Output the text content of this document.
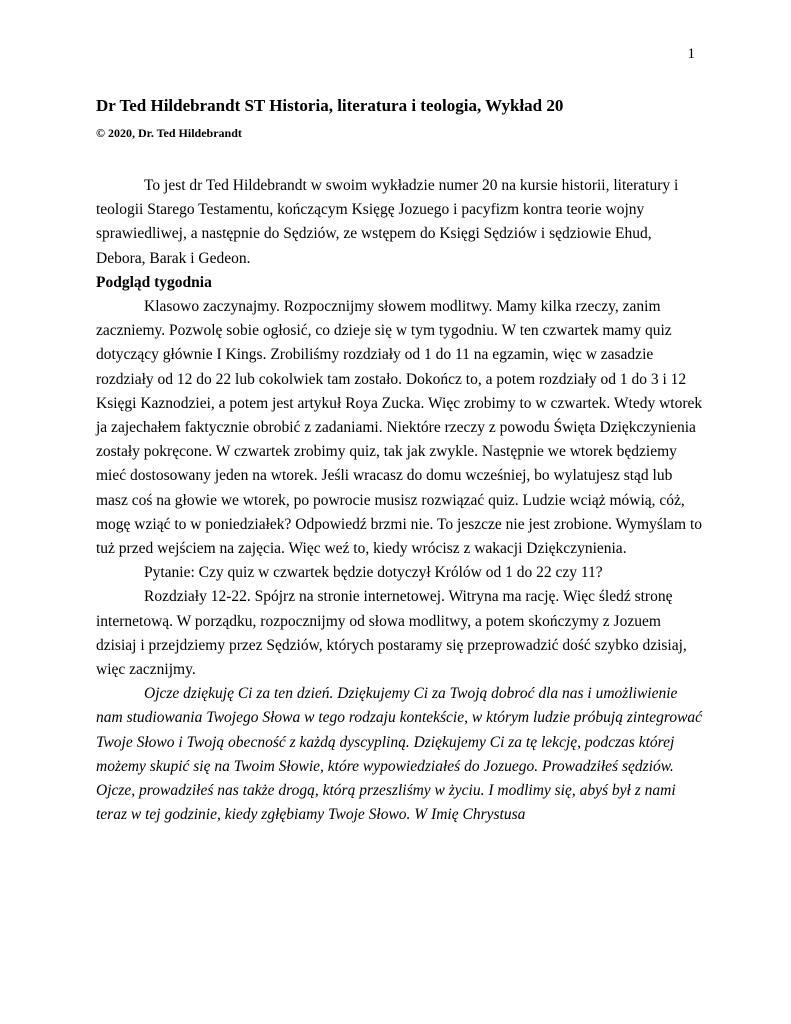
1
Dr Ted Hildebrandt ST Historia, literatura i teologia, Wykład 20
© 2020, Dr. Ted Hildebrandt

To jest dr Ted Hildebrandt w swoim wykładzie numer 20 na kursie historii, literatury i teologii Starego Testamentu, kończącym Księgę Jozuego i pacyfizm kontra teorie wojny sprawiedliwej, a następnie do Sędziów, ze wstępem do Księgi Sędziów i sędziowie Ehud, Debora, Barak i Gedeon.

Podgląd tygodnia

Klasowo zaczynajmy. Rozpocznijmy słowem modlitwy. Mamy kilka rzeczy, zanim zaczniemy. Pozwolę sobie ogłosić, co dzieje się w tym tygodniu. W ten czwartek mamy quiz dotyczący głównie I Kings. Zrobiliśmy rozdziały od 1 do 11 na egzamin, więc w zasadzie rozdziały od 12 do 22 lub cokolwiek tam zostało. Dokończ to, a potem rozdziały od 1 do 3 i 12 Księgi Kaznodziei, a potem jest artykuł Roya Zucka. Więc zrobimy to w czwartek. Wtedy wtorek ja zajechałem faktycznie obrobić z zadaniami. Niektóre rzeczy z powodu Święta Dziękczynienia zostały pokręcone. W czwartek zrobimy quiz, tak jak zwykle. Następnie we wtorek będziemy mieć dostosowany jeden na wtorek. Jeśli wracasz do domu wcześniej, bo wylatujesz stąd lub masz coś na głowie we wtorek, po powrocie musisz rozwiązać quiz. Ludzie wciąż mówią, cóż, mogę wziąć to w poniedziałek? Odpowiedź brzmi nie. To jeszcze nie jest zrobione. Wymyślam to tuż przed wejściem na zajęcia. Więc weź to, kiedy wrócisz z wakacji Dziękczynienia.

Pytanie: Czy quiz w czwartek będzie dotyczył Królów od 1 do 22 czy 11?

Rozdziały 12-22. Spójrz na stronie internetowej. Witryna ma rację. Więc śledź stronę internetową. W porządku, rozpocznijmy od słowa modlitwy, a potem skończymy z Jozuem dzisiaj i przejdziemy przez Sędziów, których postaramy się przeprowadzić dość szybko dzisiaj, więc zacznijmy.

Ojcze dziękuję Ci za ten dzień. Dziękujemy Ci za Twoją dobroć dla nas i umożliwienie nam studiowania Twojego Słowa w tego rodzaju kontekście, w którym ludzie próbują zintegrować Twoje Słowo i Twoją obecność z każdą dyscypliną. Dziękujemy Ci za tę lekcję, podczas której możemy skupić się na Twoim Słowie, które wypowiedziałeś do Jozuego. Prowadziłeś sędziów. Ojcze, prowadziłeś nas także drogą, którą przeszliśmy w życiu. I modlimy się, abyś był z nami teraz w tej godzinie, kiedy zgłębiamy Twoje Słowo. W Imię Chrystusa
